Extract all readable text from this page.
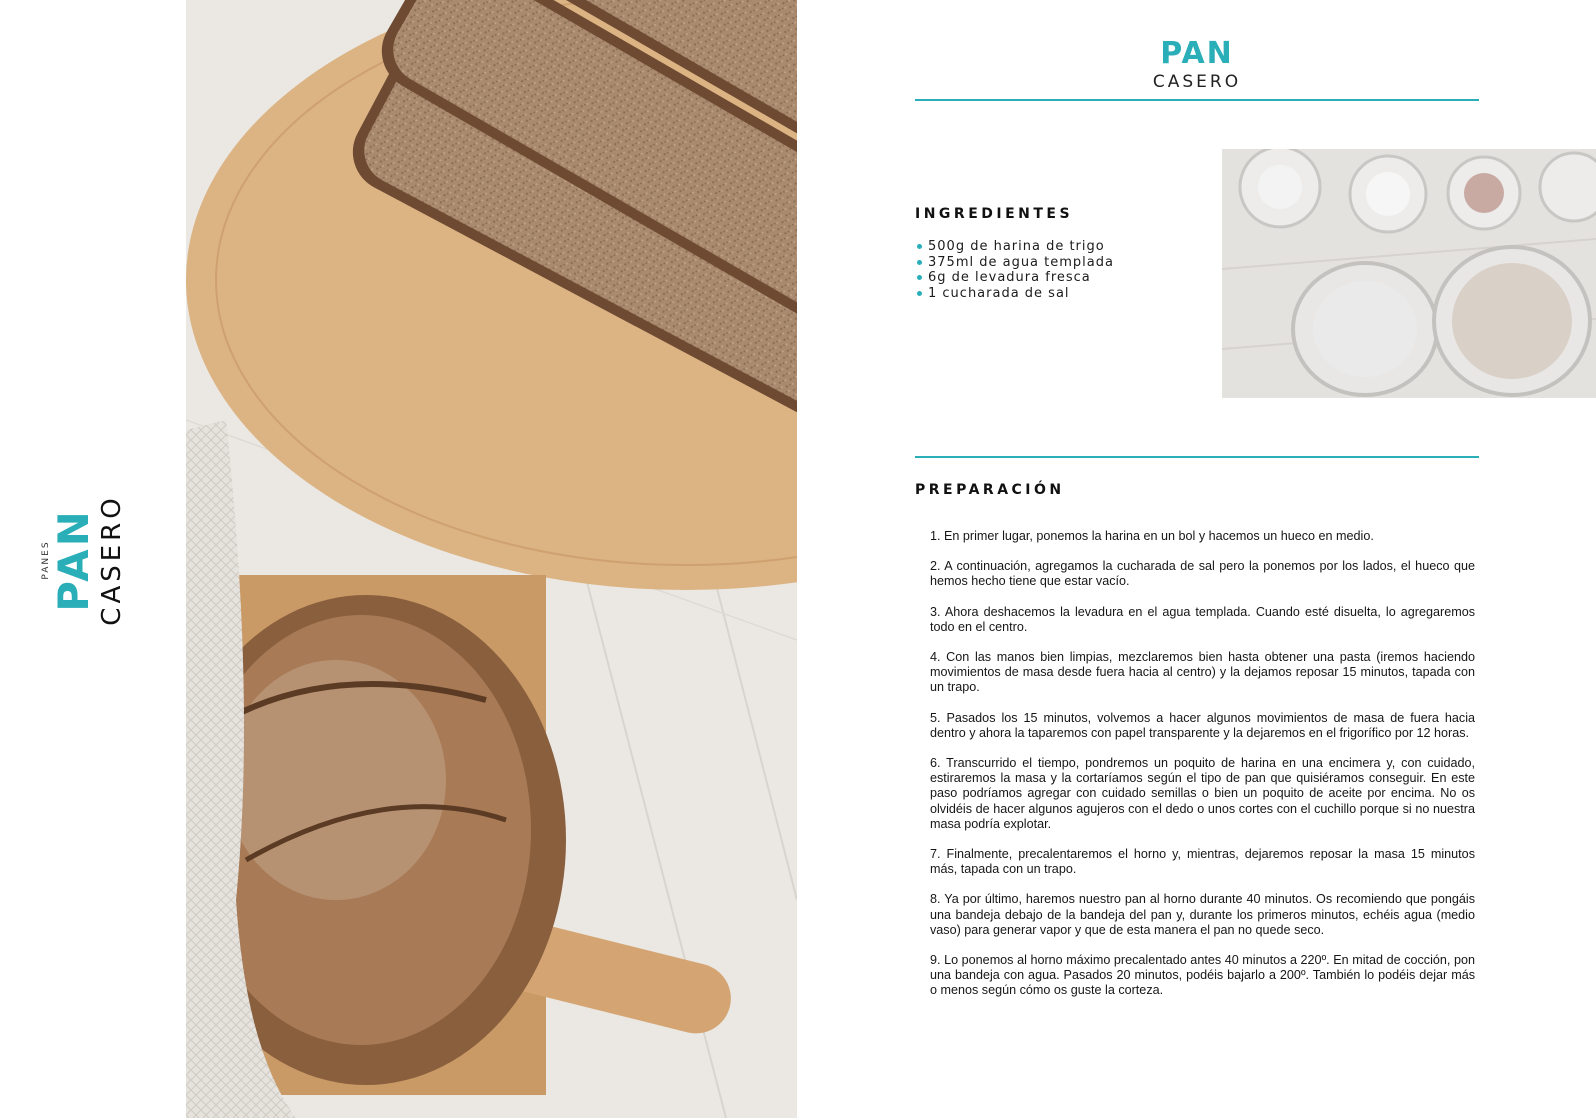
PANES
PAN CASERO
PAN
CASERO
INGREDIENTES
500g de harina de trigo
375ml de agua templada
6g de levadura fresca
1 cucharada de sal
PREPARACIÓN

1. En primer lugar, ponemos la harina en un bol y hacemos un hueco en medio.

2. A continuación, agregamos la cucharada de sal pero la ponemos por los lados, el hueco que hemos hecho tiene que estar vacío.

3. Ahora deshacemos la levadura en el agua templada. Cuando esté disuelta, lo agregaremos todo en el centro.

4. Con las manos bien limpias, mezclaremos bien hasta obtener una pasta (iremos haciendo movimientos de masa desde fuera hacia al centro) y la dejamos reposar 15 minutos, tapada con un trapo.

5. Pasados los 15 minutos, volvemos a hacer algunos movimientos de masa de fuera hacia dentro y ahora la taparemos con papel transparente y la dejaremos en el frigorífico por 12 horas.

6. Transcurrido el tiempo, pondremos un poquito de harina en una encimera y, con cuidado, estiraremos la masa y la cortaríamos según el tipo de pan que quisiéramos conseguir. En este paso podríamos agregar con cuidado semillas o bien un poquito de aceite por encima. No os olvidéis de hacer algunos agujeros con el dedo o unos cortes con el cuchillo porque si no nuestra masa podría explotar.

7. Finalmente, precalentaremos el horno y, mientras, dejaremos reposar la masa 15 minutos más, tapada con un trapo.

8. Ya por último, haremos nuestro pan al horno durante 40 minutos. Os recomiendo que pongáis una bandeja debajo de la bandeja del pan y, durante los primeros minutos, echéis agua (medio vaso) para generar vapor y que de esta manera el pan no quede seco.

9. Lo ponemos al horno máximo precalentado antes 40 minutos a 220º. En mitad de cocción, pon una bandeja con agua. Pasados 20 minutos, podéis bajarlo a 200º. También lo podéis dejar más o menos según cómo os guste la corteza.
